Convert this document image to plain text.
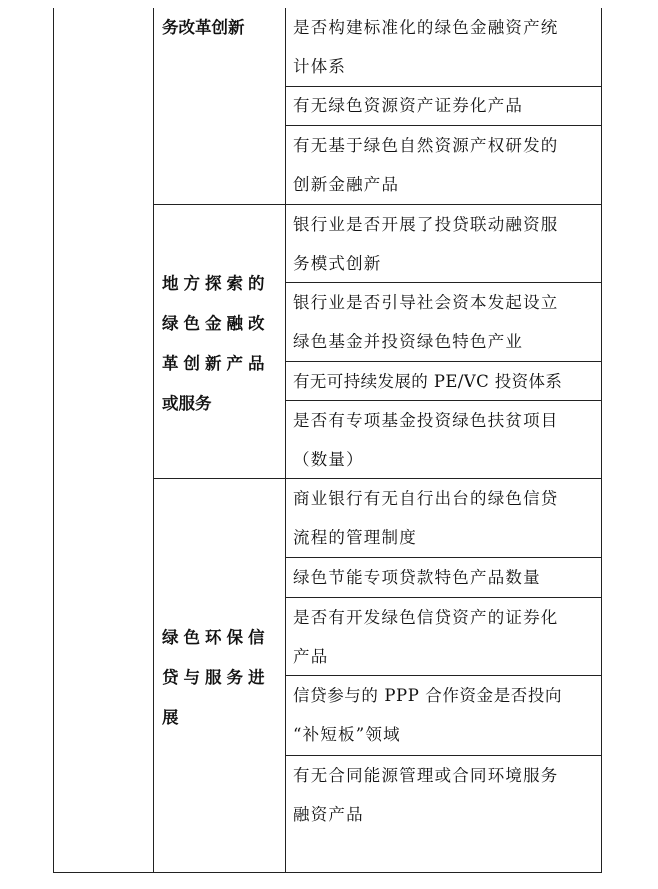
务改革创新	是否构建标准化的绿色金融资产统
计体系
有无绿色资源资产证券化产品
有无基于绿色自然资源产权研发的
创新金融产品
地方探索的
绿色金融改
革创新产品
或服务
银行业是否开展了投贷联动融资服
务模式创新
银行业是否引导社会资本发起设立
绿色基金并投资绿色特色产业
有无可持续发展的 PE/VC 投资体系
是否有专项基金投资绿色扶贫项目
（数量）
绿色环保信
贷与服务进
展
商业银行有无自行出台的绿色信贷
流程的管理制度
绿色节能专项贷款特色产品数量
是否有开发绿色信贷资产的证券化
产品
信贷参与的 PPP 合作资金是否投向
“补短板”领域
有无合同能源管理或合同环境服务
融资产品
